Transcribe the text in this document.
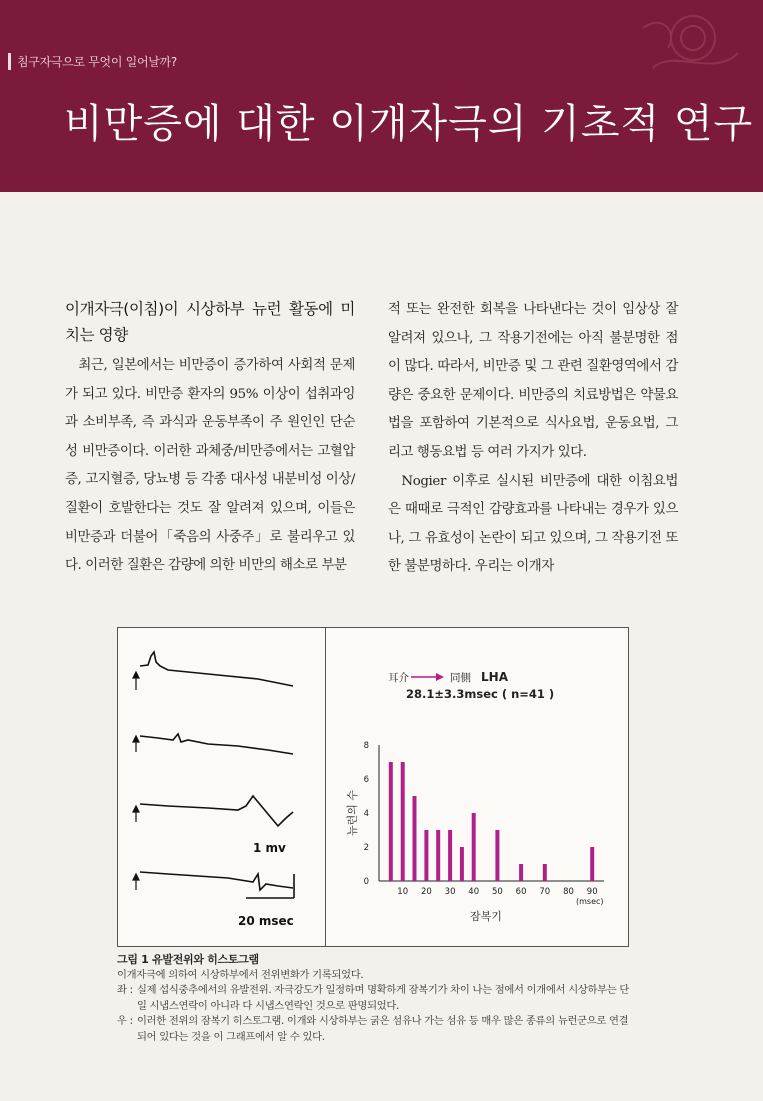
침구자극으로 무엇이 일어날까?
비만증에 대한 이개자극의 기초적 연구
이개자극(이침)이 시상하부 뉴런 활동에 미치는 영향

최근, 일본에서는 비만증이 증가하여 사회적 문제가 되고 있다. 비만증 환자의 95% 이상이 섭취과잉과 소비부족, 즉 과식과 운동부족이 주 원인인 단순성 비만증이다. 이러한 과체중/비만증에서는 고혈압증, 고지혈증, 당뇨병 등 각종 대사성 내분비성 이상/질환이 호발한다는 것도 잘 알려져 있으며, 이들은 비만증과 더불어「죽음의 사중주」로 불리우고 있다. 이러한 질환은 감량에 의한 비만의 해소로 부분

적 또는 완전한 회복을 나타낸다는 것이 임상상 잘 알려져 있으나, 그 작용기전에는 아직 불분명한 점이 많다. 따라서, 비만증 및 그 관련 질환영역에서 감량은 중요한 문제이다. 비만증의 치료방법은 약물요법을 포함하여 기본적으로 식사요법, 운동요법, 그리고 행동요법 등 여러 가지가 있다.

Nogier 이후로 실시된 비만증에 대한 이침요법은 때때로 극적인 감량효과를 나타내는 경우가 있으나, 그 유효성이 논란이 되고 있으며, 그 작용기전 또한 불분명하다. 우리는 이개자

1 mv
20 msec
耳介	同側 LHA
28.1±3.3msec ( n=41 )
0
2
4
6
8
10 20 30 40 50 60 70 80 90
뉴런의 수
(msec)
잠복기
그림 1 유발전위와 히스토그램
이개자극에 의하여 시상하부에서 전위변화가 기록되었다.
좌 : 실제 섭식중추에서의 유발전위. 자극강도가 일정하며 명확하게 잠복기가 차이 나는 점에서 이개에서 시상하부는 단일 시냅스연락이 아니라 다 시냅스연락인 것으로 판명되었다.
우 : 이러한 전위의 잠복기 히스토그램. 이개와 시상하부는 굵은 섬유나 가는 섬유 등 매우 많은 종류의 뉴런군으로 연결되어 있다는 것을 이 그래프에서 알 수 있다.
